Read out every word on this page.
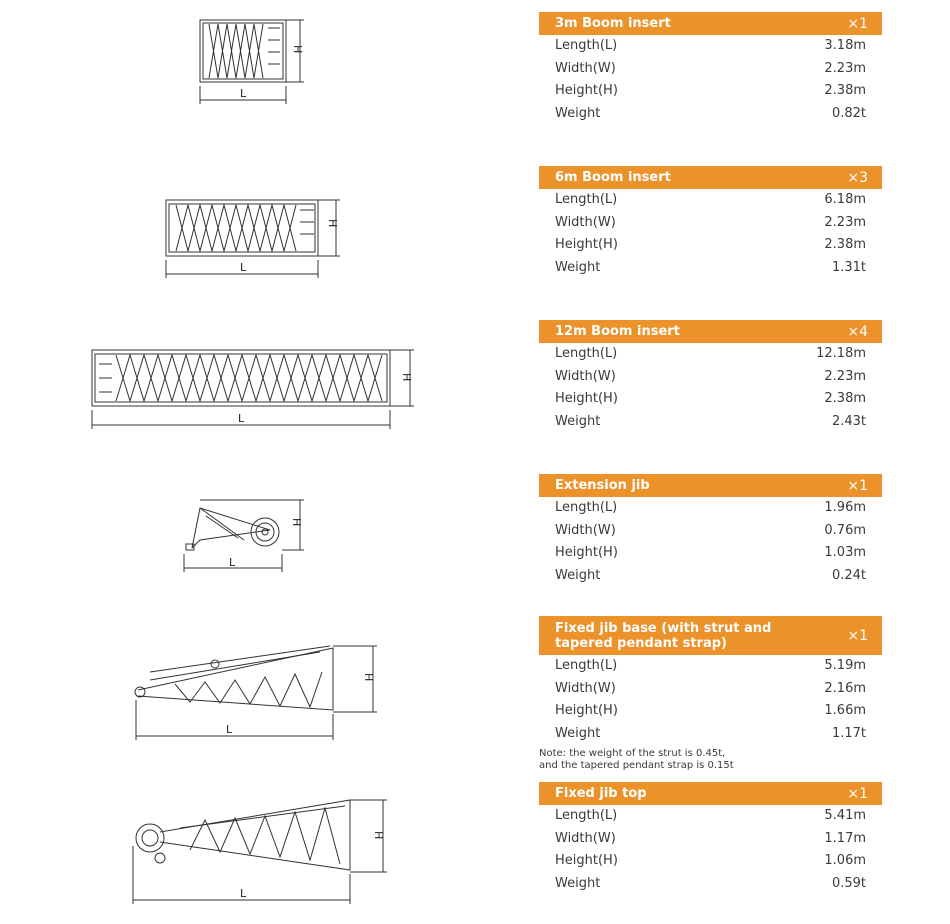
L
H
L
H
L
H
L
H
L
H
L
H
3m Boom insert	×1
Length(L)	3.18m
Width(W)	2.23m
Height(H)	2.38m
Weight	0.82t
6m Boom insert	×3
Length(L)	6.18m
Width(W)	2.23m
Height(H)	2.38m
Weight	1.31t
12m Boom insert	×4
Length(L)	12.18m
Width(W)	2.23m
Height(H)	2.38m
Weight	2.43t
Extension jib	×1
Length(L)	1.96m
Width(W)	0.76m
Height(H)	1.03m
Weight	0.24t
Fixed jib base (with strut and tapered pendant strap)	×1
Length(L)	5.19m
Width(W)	2.16m
Height(H)	1.66m
Weight	1.17t
Note: the weight of the strut is 0.45t,
and the tapered pendant strap is 0.15t
Fixed jib top	×1
Length(L)	5.41m
Width(W)	1.17m
Height(H)	1.06m
Weight	0.59t
